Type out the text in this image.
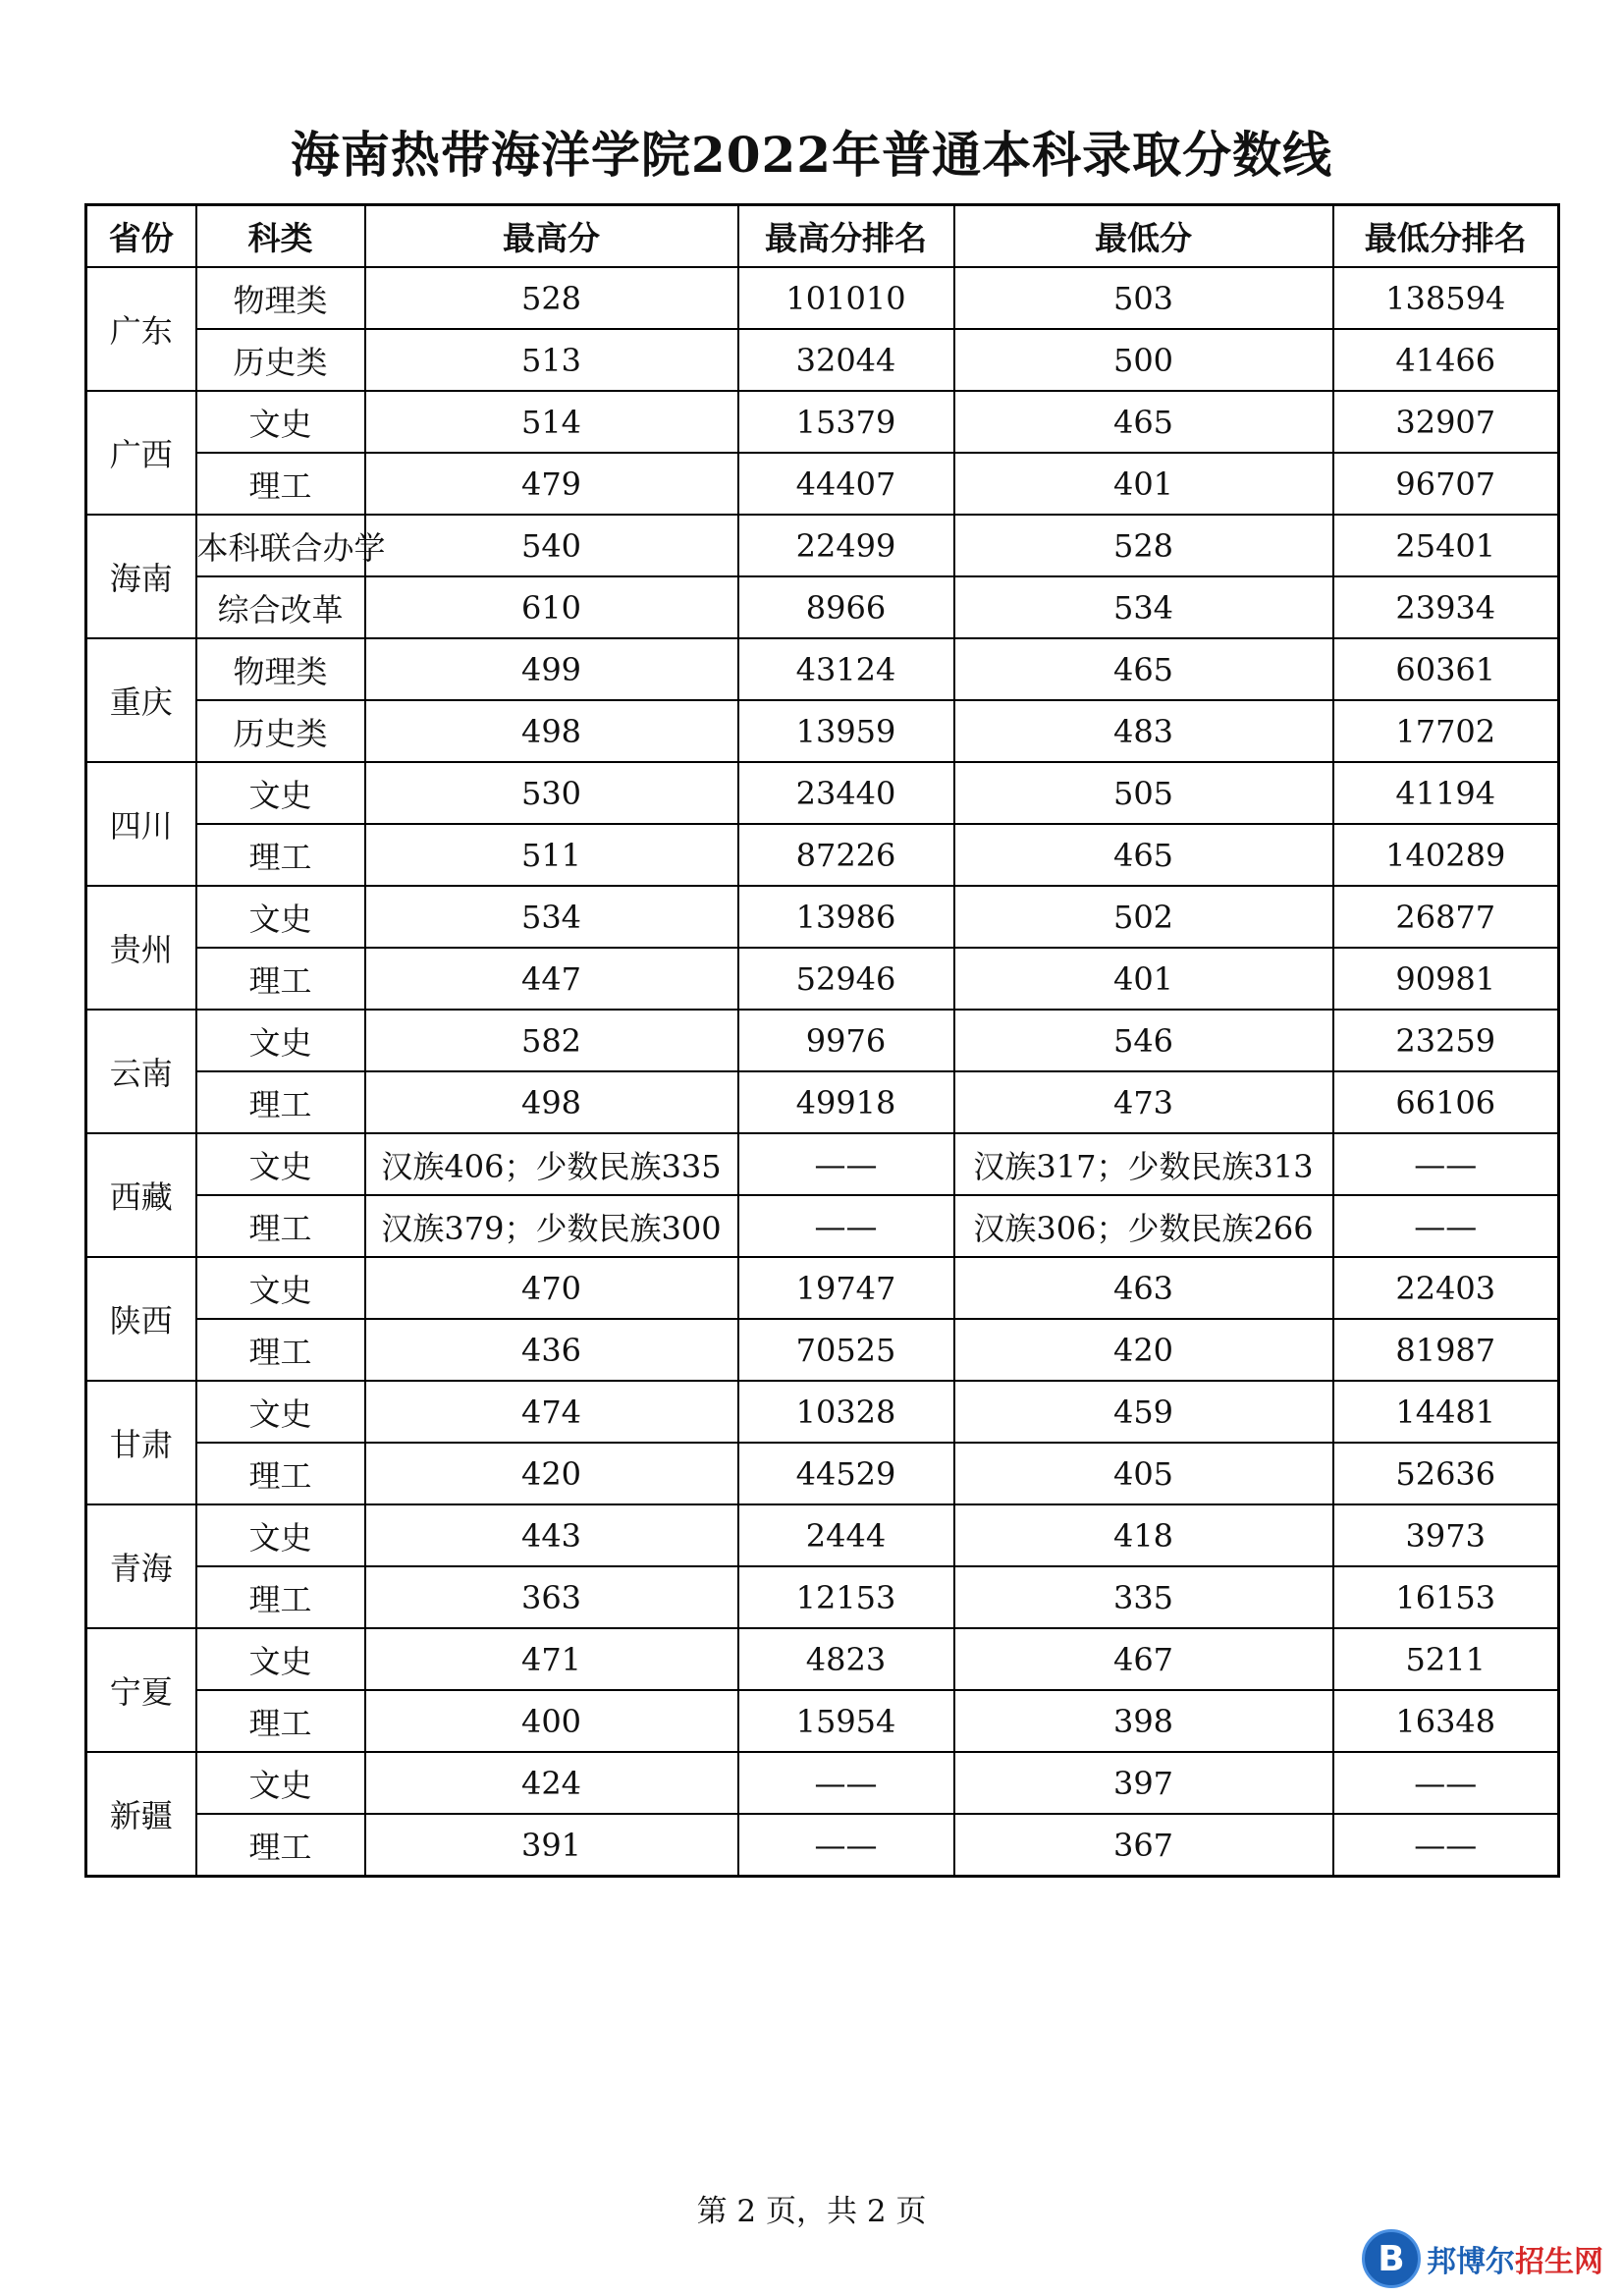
海南热带海洋学院2022年普通本科录取分数线
省份	科类	最高分	最高分排名	最低分	最低分排名
广东	物理类	528	101010	503	138594
	历史类	513	32044	500	41466
广西	文史	514	15379	465	32907
	理工	479	44407	401	96707
海南	本科联合办学	540	22499	528	25401
	综合改革	610	8966	534	23934
重庆	物理类	499	43124	465	60361
	历史类	498	13959	483	17702
四川	文史	530	23440	505	41194
	理工	511	87226	465	140289
贵州	文史	534	13986	502	26877
	理工	447	52946	401	90981
云南	文史	582	9976	546	23259
	理工	498	49918	473	66106
西藏	文史	汉族406；少数民族335	——	汉族317；少数民族313	——
	理工	汉族379；少数民族300	——	汉族306；少数民族266	——
陕西	文史	470	19747	463	22403
	理工	436	70525	420	81987
甘肃	文史	474	10328	459	14481
	理工	420	44529	405	52636
青海	文史	443	2444	418	3973
	理工	363	12153	335	16153
宁夏	文史	471	4823	467	5211
	理工	400	15954	398	16348
新疆	文史	424	——	397	——
	理工	391	——	367	——
第 2 页，共 2 页
B 邦博尔招生网
